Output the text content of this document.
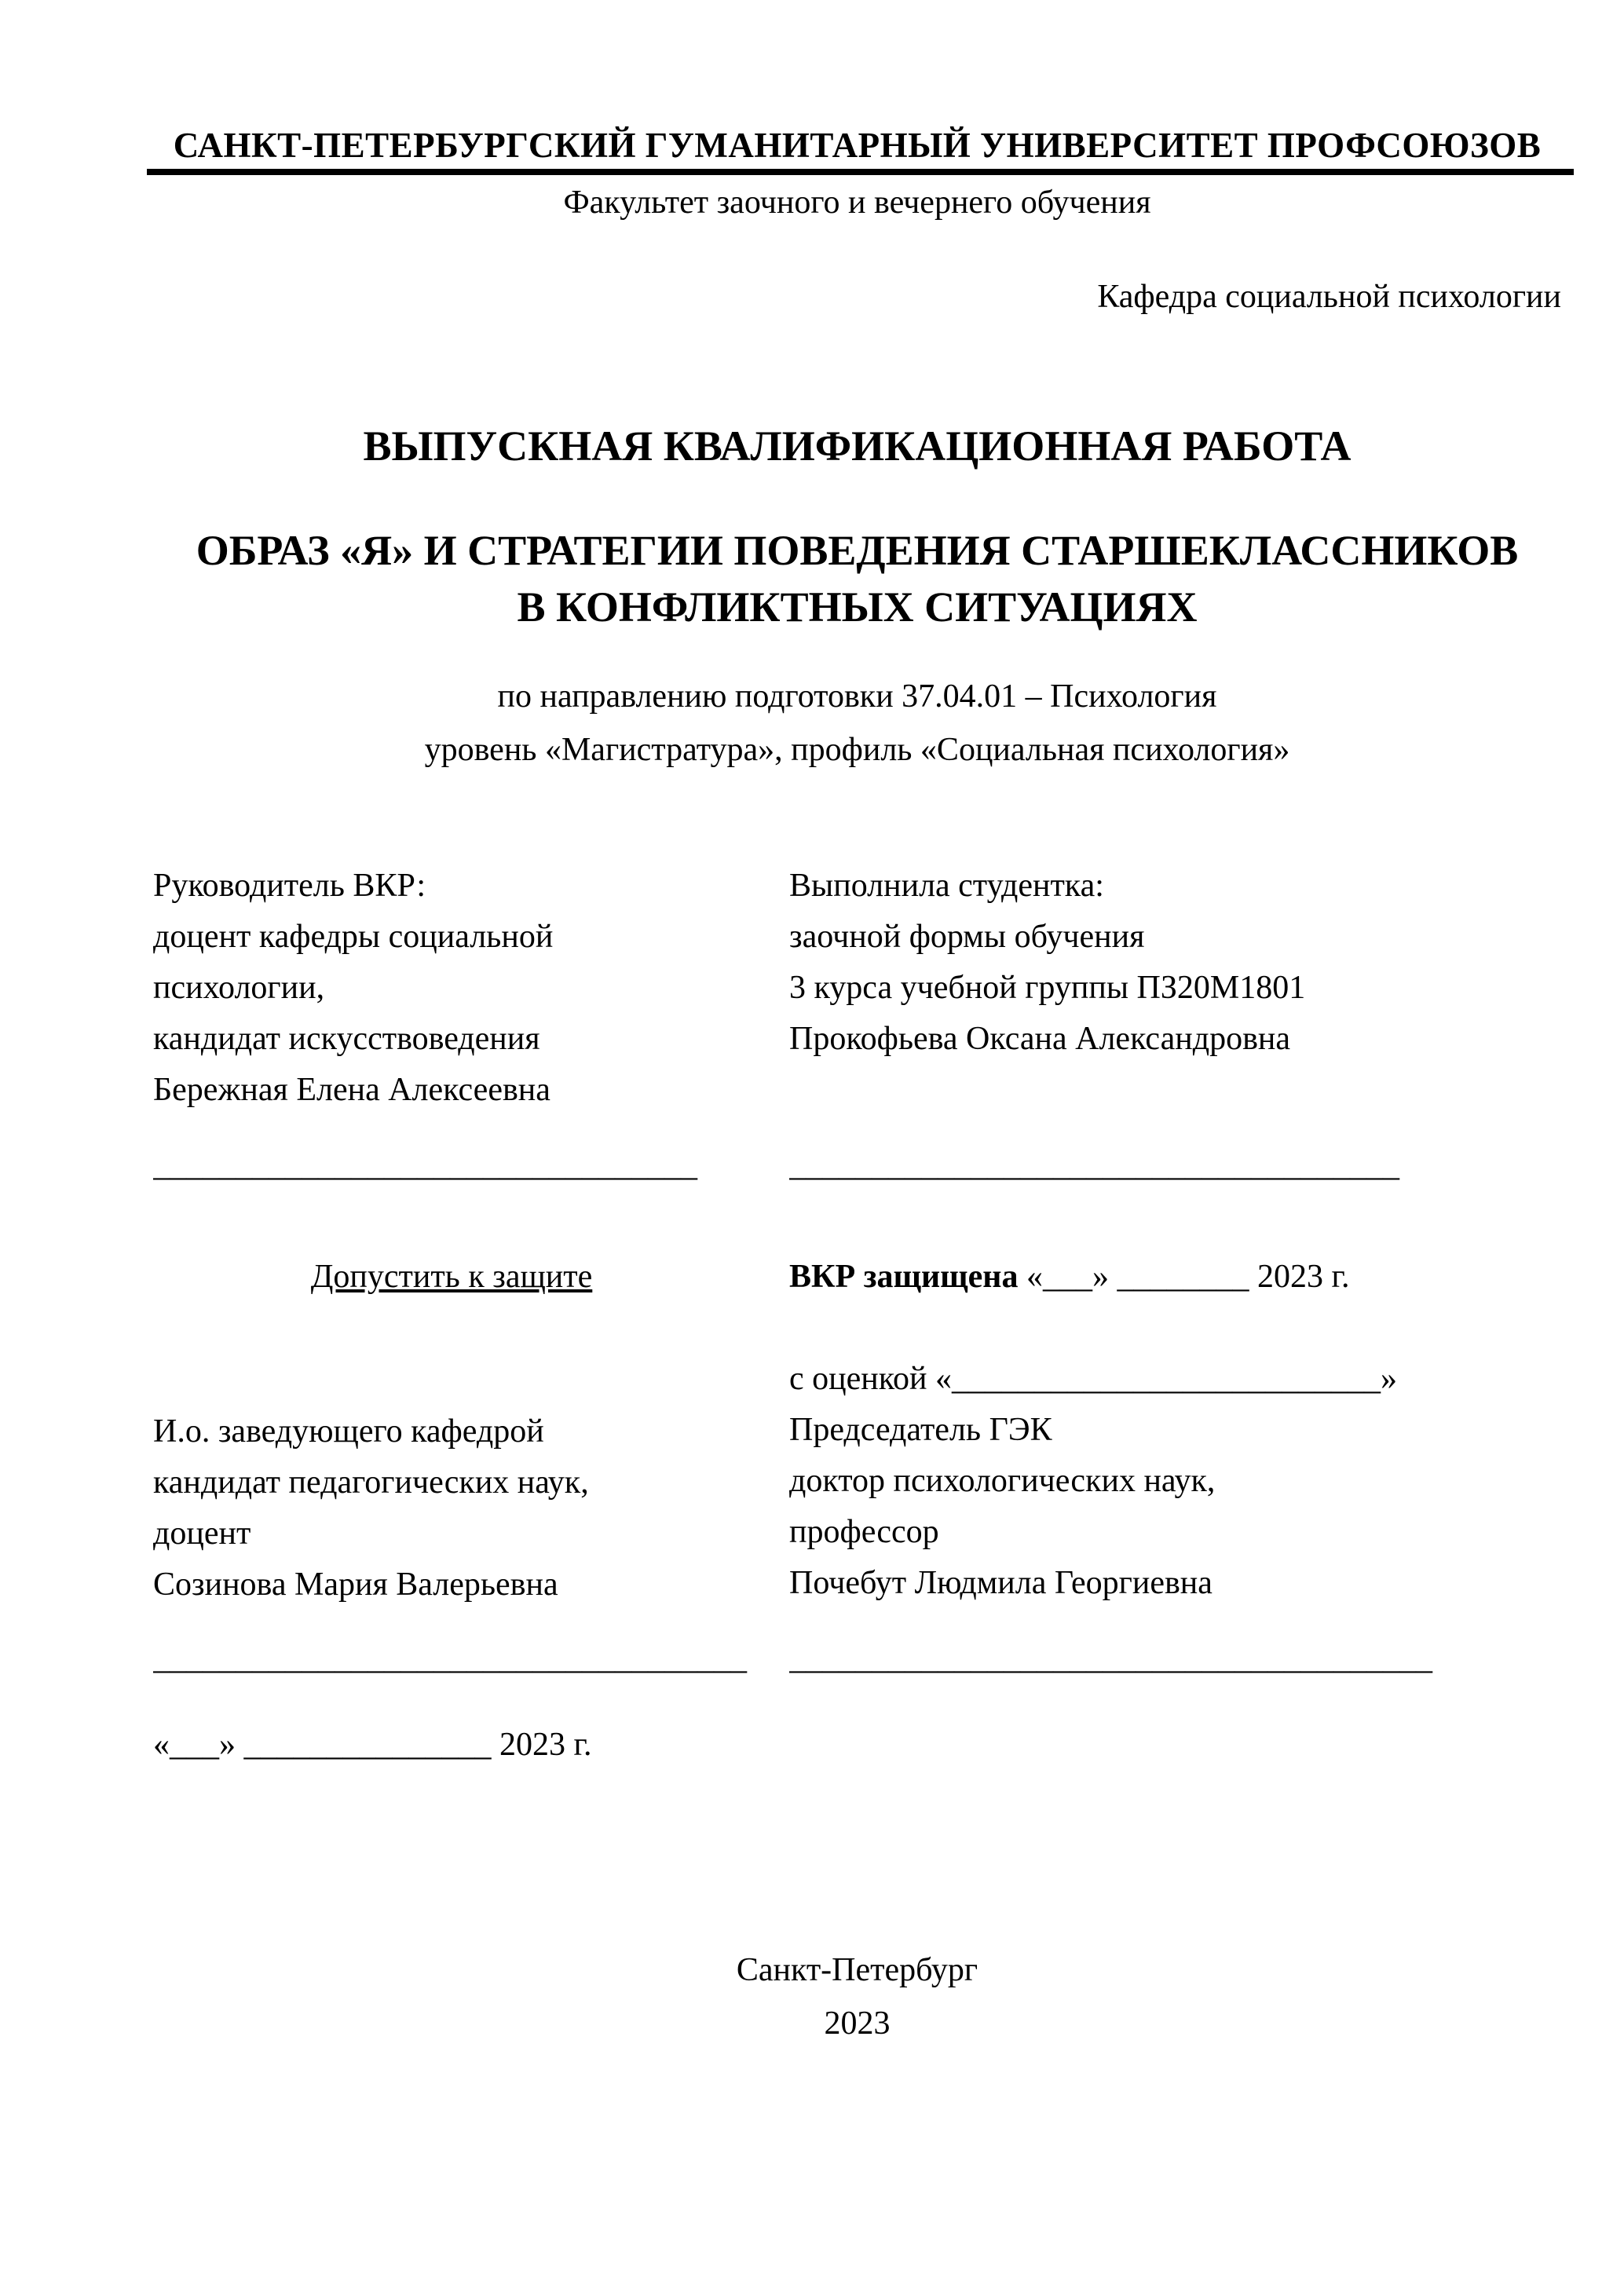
САНКТ-ПЕТЕРБУРГСКИЙ ГУМАНИТАРНЫЙ УНИВЕРСИТЕТ ПРОФСОЮЗОВ
Факультет заочного и вечернего обучения
Кафедра социальной психологии
ВЫПУСКНАЯ КВАЛИФИКАЦИОННАЯ РАБОТА
ОБРАЗ «Я» И СТРАТЕГИИ ПОВЕДЕНИЯ СТАРШЕКЛАССНИКОВ
В КОНФЛИКТНЫХ СИТУАЦИЯХ
по направлению подготовки 37.04.01 – Психология
уровень «Магистратура», профиль «Социальная психология»
Руководитель ВКР:
доцент кафедры социальной
психологии,
кандидат искусствоведения
Бережная Елена Алексеевна
Выполнила студентка:
заочной формы обучения
3 курса учебной группы ПЗ20М1801
Прокофьева Оксана Александровна
_________________________________	_____________________________________
Допустить к защите
И.о. заведующего кафедрой
кандидат педагогических наук,
доцент
Созинова Мария Валерьевна
ВКР защищена «___» ________ 2023 г.
с оценкой «__________________________»
Председатель ГЭК
доктор психологических наук,
профессор
Почебут Людмила Георгиевна
____________________________________	_______________________________________
«___» _______________ 2023 г.
Санкт-Петербург
2023
